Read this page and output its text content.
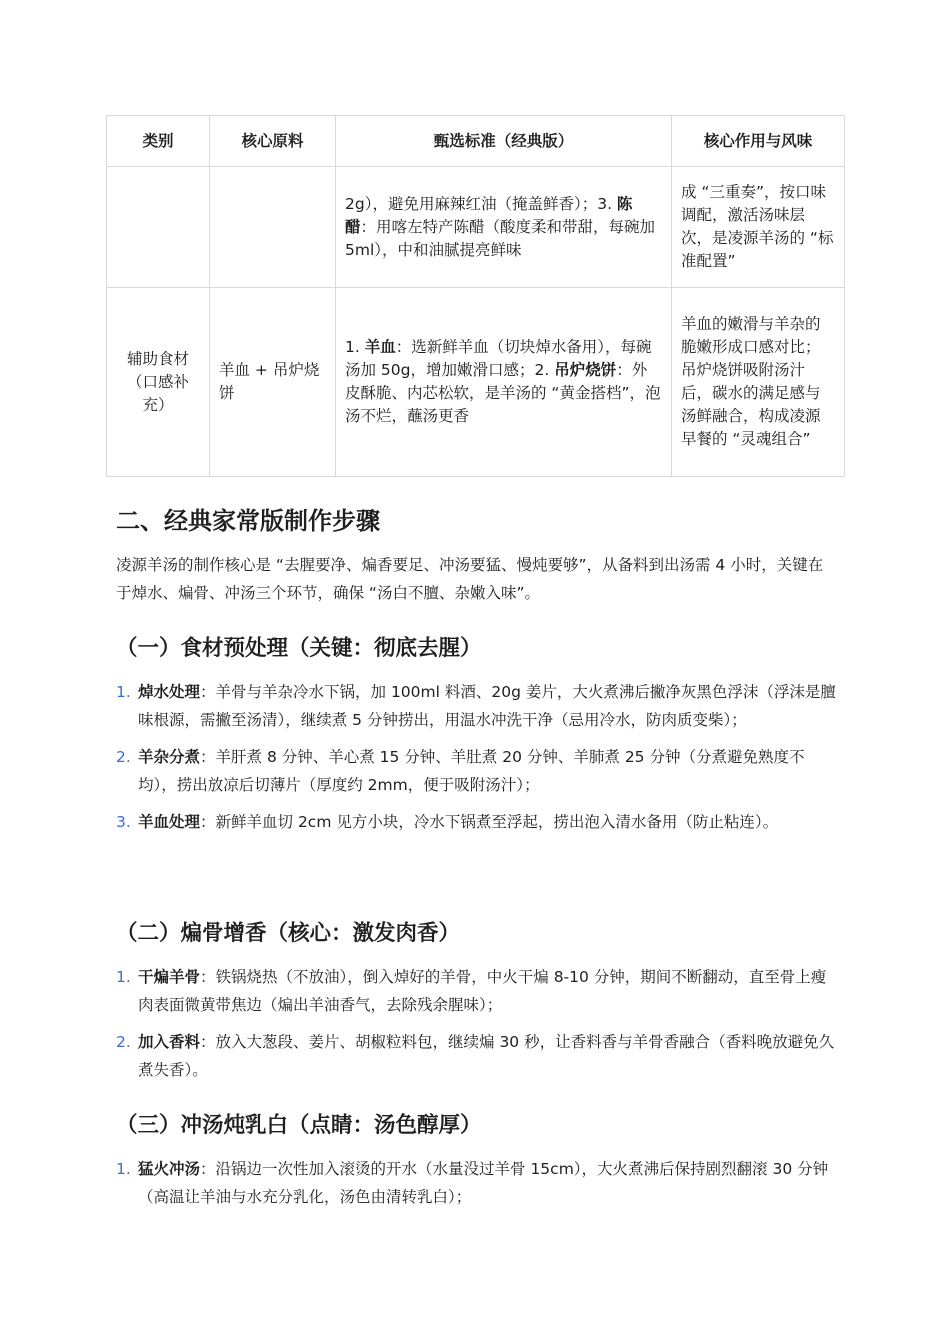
类别	核心原料	甄选标准（经典版）	核心作用与风味
		2g），避免用麻辣红油（掩盖鲜香）；3. 陈醋：用喀左特产陈醋（酸度柔和带甜，每碗加 5ml），中和油腻提亮鲜味	成 “三重奏”，按口味调配，激活汤味层次，是凌源羊汤的 “标准配置”
辅助食材（口感补充）	羊血 + 吊炉烧饼	1. 羊血：选新鲜羊血（切块焯水备用），每碗汤加 50g，增加嫩滑口感；2. 吊炉烧饼：外皮酥脆、内芯松软，是羊汤的 “黄金搭档”，泡汤不烂，蘸汤更香	羊血的嫩滑与羊杂的脆嫩形成口感对比；吊炉烧饼吸附汤汁后，碳水的满足感与汤鲜融合，构成凌源早餐的 “灵魂组合”
二、经典家常版制作步骤

凌源羊汤的制作核心是 “去腥要净、煸香要足、冲汤要猛、慢炖要够”，从备料到出汤需 4 小时，关键在于焯水、煸骨、冲汤三个环节，确保 “汤白不膻、杂嫩入味”。

（一）食材预处理（关键：彻底去腥）
1. 焯水处理：羊骨与羊杂冷水下锅，加 100ml 料酒、20g 姜片，大火煮沸后撇净灰黑色浮沫（浮沫是膻味根源，需撇至汤清），继续煮 5 分钟捞出，用温水冲洗干净（忌用冷水，防肉质变柴）；
2. 羊杂分煮：羊肝煮 8 分钟、羊心煮 15 分钟、羊肚煮 20 分钟、羊肺煮 25 分钟（分煮避免熟度不均），捞出放凉后切薄片（厚度约 2mm，便于吸附汤汁）；
3. 羊血处理：新鲜羊血切 2cm 见方小块，冷水下锅煮至浮起，捞出泡入清水备用（防止粘连）。
（二）煸骨增香（核心：激发肉香）
1. 干煸羊骨：铁锅烧热（不放油），倒入焯好的羊骨，中火干煸 8-10 分钟，期间不断翻动，直至骨上瘦肉表面微黄带焦边（煸出羊油香气，去除残余腥味）；
2. 加入香料：放入大葱段、姜片、胡椒粒料包，继续煸 30 秒，让香料香与羊骨香融合（香料晚放避免久煮失香）。
（三）冲汤炖乳白（点睛：汤色醇厚）
1. 猛火冲汤：沿锅边一次性加入滚烫的开水（水量没过羊骨 15cm），大火煮沸后保持剧烈翻滚 30 分钟（高温让羊油与水充分乳化，汤色由清转乳白）；
